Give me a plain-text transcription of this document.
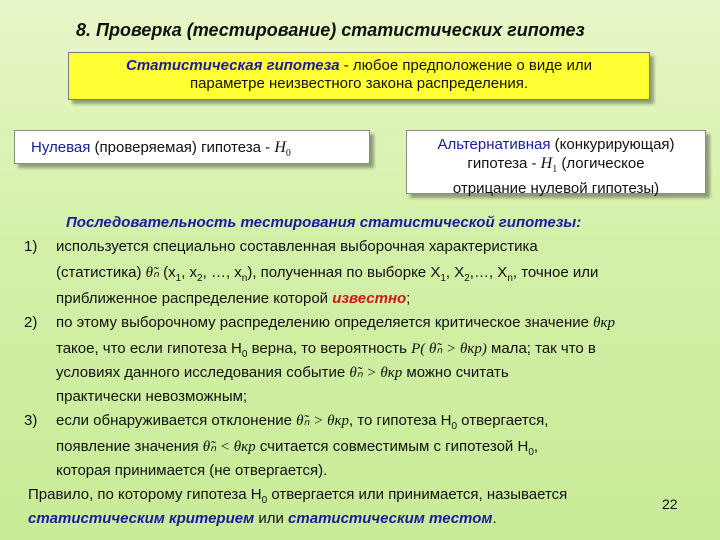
8. Проверка (тестирование) статистических гипотез
Статистическая гипотеза - любое предположение о виде или
параметре неизвестного закона распределения.
Нулевая (проверяемая) гипотеза - $H_0$
Альтернативная (конкурирующая)
гипотеза - $H_1$ (логическое
отрицание нулевой гипотезы)
Последовательность тестирования статистической гипотезы:
1) используется специально составленная выборочная характеристика
(статистика) θ̃ₙ ($x_1$, $x_2$, …, $x_n$), полученная по выборке $X_1$, $X_2,\dots$, $X_n$, точное или
приближенное распределение которой известно;
2) по этому выборочному распределению определяется критическое значение θкр
такое, что если гипотеза $H_0$ верна, то вероятность P( θ̃ₙ > θкр) мала; так что в
условиях данного исследования событие θ̃ₙ > θкр можно считать
практически невозможным;
3) если обнаруживается отклонение θ̃ₙ > θкр, то гипотеза $H_0$ отвергается,
появление значения θ̃ₙ < θкр считается совместимым с гипотезой $H_0$,
которая принимается (не отвергается).
Правило, по которому гипотеза $H_0$ отвергается или принимается, называется
статистическим критерием или статистическим тестом.
22
